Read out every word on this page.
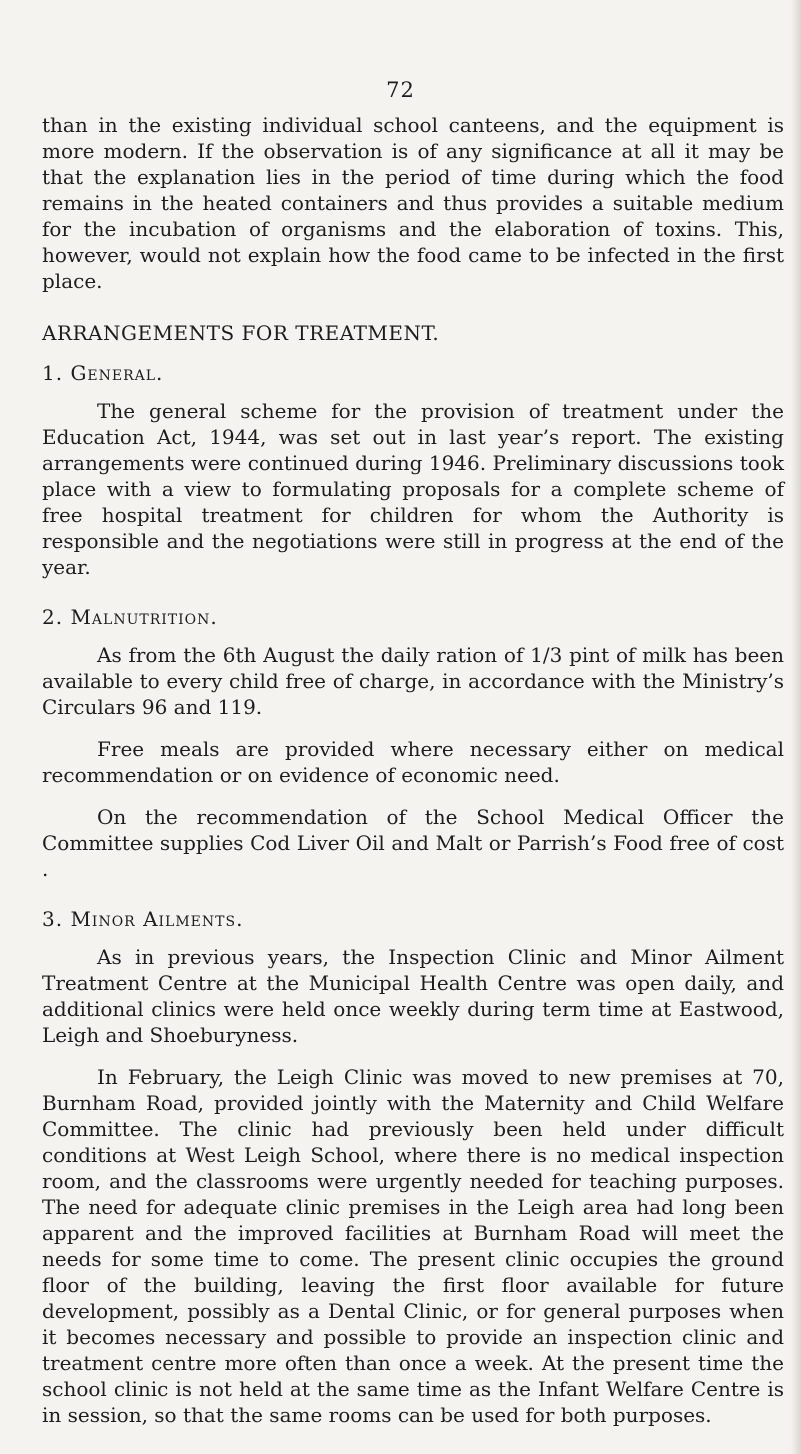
72

than in the existing individual school canteens, and the equipment is more modern. If the observation is of any significance at all it may be that the explanation lies in the period of time during which the food remains in the heated containers and thus provides a suitable medium for the incubation of organisms and the elaboration of toxins. This, however, would not explain how the food came to be infected in the first place.

ARRANGEMENTS FOR TREATMENT.

1. General.

The general scheme for the provision of treatment under the Education Act, 1944, was set out in last year’s report. The existing arrangements were continued during 1946. Preliminary discussions took place with a view to formulating proposals for a complete scheme of free hospital treatment for children for whom the Authority is responsible and the negotiations were still in progress at the end of the year.

2. Malnutrition.

As from the 6th August the daily ration of 1/3 pint of milk has been available to every child free of charge, in accordance with the Ministry’s Circulars 96 and 119.

Free meals are provided where necessary either on medical recommendation or on evidence of economic need.

On the recommendation of the School Medical Officer the Committee supplies Cod Liver Oil and Malt or Parrish’s Food free of cost .

3. Minor Ailments.

As in previous years, the Inspection Clinic and Minor Ailment Treatment Centre at the Municipal Health Centre was open daily, and additional clinics were held once weekly during term time at Eastwood, Leigh and Shoeburyness.

In February, the Leigh Clinic was moved to new premises at 70, Burnham Road, provided jointly with the Maternity and Child Welfare Committee. The clinic had previously been held under difficult conditions at West Leigh School, where there is no medical inspection room, and the classrooms were urgently needed for teaching purposes. The need for adequate clinic premises in the Leigh area had long been apparent and the improved facilities at Burnham Road will meet the needs for some time to come. The present clinic occupies the ground floor of the building, leaving the first floor available for future development, possibly as a Dental Clinic, or for general purposes when it becomes necessary and possible to provide an inspection clinic and treatment centre more often than once a week. At the present time the school clinic is not held at the same time as the Infant Welfare Centre is in session, so that the same rooms can be used for both purposes.
